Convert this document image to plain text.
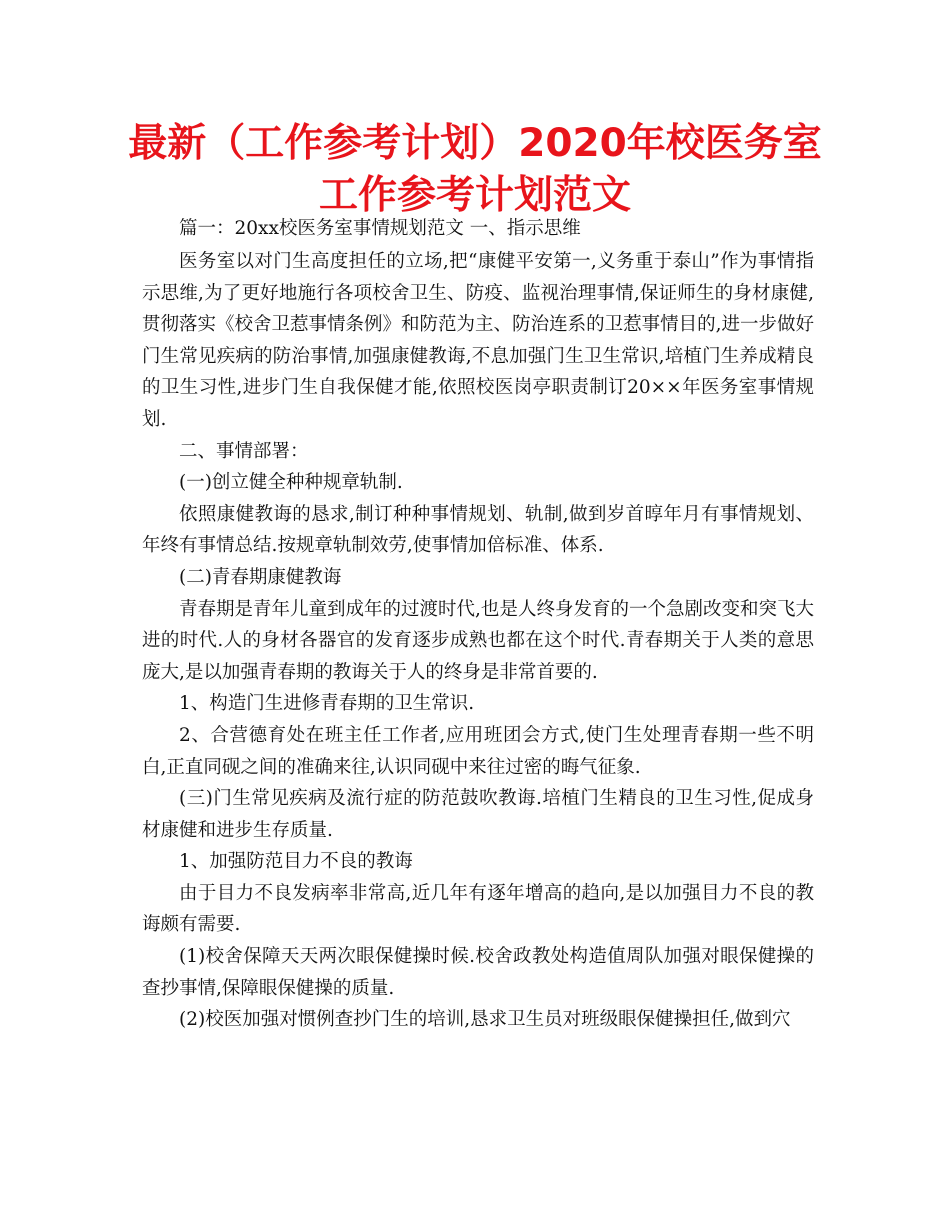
最新（工作参考计划）2020年校医务室工作参考计划范文

篇一：20xx校医务室事情规划范文 一、指示思维

医务室以对门生高度担任的立场,把“康健平安第一,义务重于泰山”作为事情指示思维,为了更好地施行各项校舍卫生、防疫、监视治理事情,保证师生的身材康健,贯彻落实《校舍卫惹事情条例》和防范为主、防治连系的卫惹事情目的,进一步做好门生常见疾病的防治事情,加强康健教诲,不息加强门生卫生常识,培植门生养成精良的卫生习性,进步门生自我保健才能,依照校医岗亭职责制订20××年医务室事情规划.

二、事情部署：

(一)创立健全种种规章轨制.

依照康健教诲的恳求,制订种种事情规划、轨制,做到岁首㬀年月有事情规划、年终有事情总结.按规章轨制效劳,使事情加倍标准、体系.

(二)青春期康健教诲

青春期是青年儿童到成年的过渡时代,也是人终身发育的一个急剧改变和突飞大进的时代.人的身材各器官的发育逐步成熟也都在这个时代.青春期关于人类的意思庞大,是以加强青春期的教诲关于人的终身是非常首要的.

1、构造门生进修青春期的卫生常识.

2、合营德育处在班主任工作者,应用班团会方式,使门生处理青春期一些不明白,正直同砚之间的准确来往,认识同砚中来往过密的晦气征象.

(三)门生常见疾病及流行症的防范鼓吹教诲.培植门生精良的卫生习性,促成身材康健和进步生存质量.

1、加强防范目力不良的教诲

由于目力不良发病率非常高,近几年有逐年增高的趋向,是以加强目力不良的教诲颇有需要.

(1)校舍保障天天两次眼保健操时候.校舍政教处构造值周队加强对眼保健操的查抄事情,保障眼保健操的质量.

(2)校医加强对惯例查抄门生的培训,恳求卫生员对班级眼保健操担任,做到穴
